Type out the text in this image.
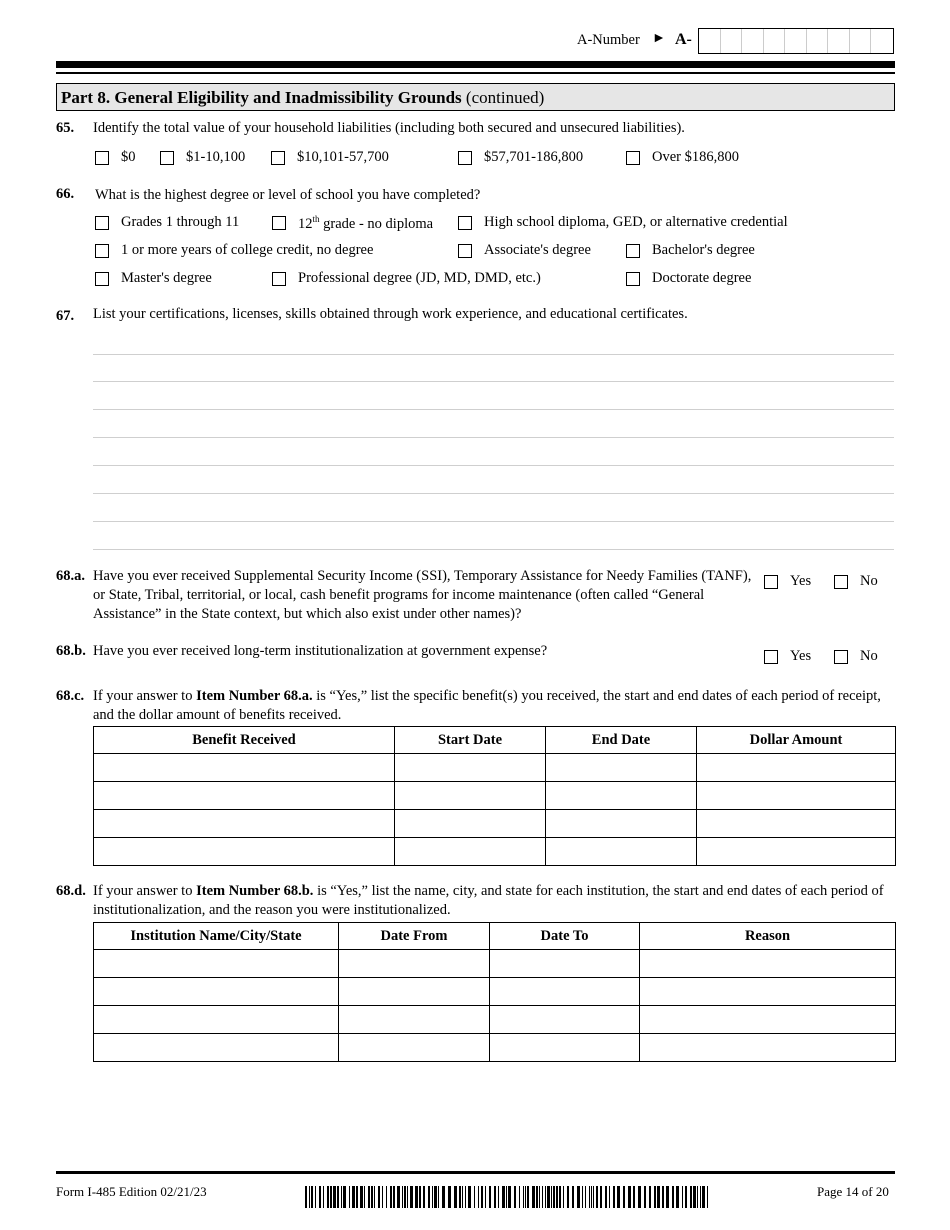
A-Number ► A-
Part 8. General Eligibility and Inadmissibility Grounds (continued)
65. Identify the total value of your household liabilities (including both secured and unsecured liabilities).
$0	$1-10,100	$10,101-57,700	$57,701-186,800	Over $186,800
66. What is the highest degree or level of school you have completed?
Grades 1 through 11	12th grade - no diploma	High school diploma, GED, or alternative credential
1 or more years of college credit, no degree	Associate's degree	Bachelor's degree
Master's degree	Professional degree (JD, MD, DMD, etc.)	Doctorate degree
67. List your certifications, licenses, skills obtained through work experience, and educational certificates.
68.a. Have you ever received Supplemental Security Income (SSI), Temporary Assistance for Needy Families (TANF), or State, Tribal, territorial, or local, cash benefit programs for income maintenance (often called “General Assistance” in the State context, but which also exist under other names)?
Yes	No
68.b. Have you ever received long-term institutionalization at government expense?	Yes	No
68.c. If your answer to Item Number 68.a. is “Yes,” list the specific benefit(s) you received, the start and end dates of each period of receipt, and the dollar amount of benefits received.
Benefit Received	Start Date	End Date	Dollar Amount

68.d. If your answer to Item Number 68.b. is “Yes,” list the name, city, and state for each institution, the start and end dates of each period of institutionalization, and the reason you were institutionalized.
Institution Name/City/State	Date From	Date To	Reason

Form I-485 Edition 02/21/23	Page 14 of 20
